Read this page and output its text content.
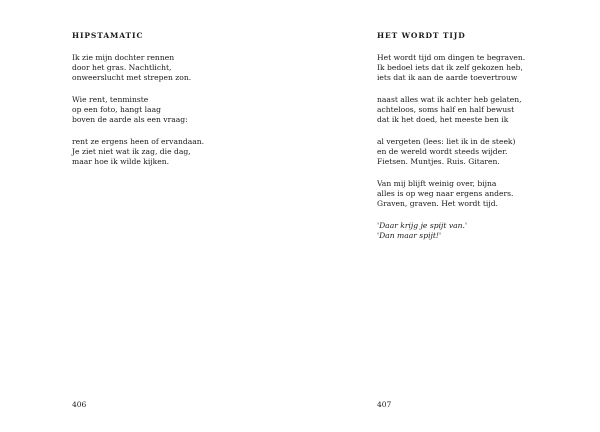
HIPSTAMATIC

Ik zie mijn dochter rennen
door het gras. Nachtlicht,
onweerslucht met strepen zon.

Wie rent, tenminste
op een foto, hangt laag
boven de aarde als een vraag:

rent ze ergens heen of ervandaan.
Je ziet niet wat ik zag, die dag,
maar hoe ik wilde kijken.

406

HET WORDT TIJD

Het wordt tijd om dingen te begraven.
Ik bedoel iets dat ik zelf gekozen heb,
iets dat ik aan de aarde toevertrouw

naast alles wat ik achter heb gelaten,
achteloos, soms half en half bewust
dat ik het doed, het meeste ben ik

al vergeten (lees: liet ik in de steek)
en de wereld wordt steeds wijder.
Fietsen. Muntjes. Ruis. Gitaren.

Van mij blijft weinig over, bijna
alles is op weg naar ergens anders.
Graven, graven. Het wordt tijd.

'Daar krijg je spijt van.'
'Dan maar spijt!'

407
